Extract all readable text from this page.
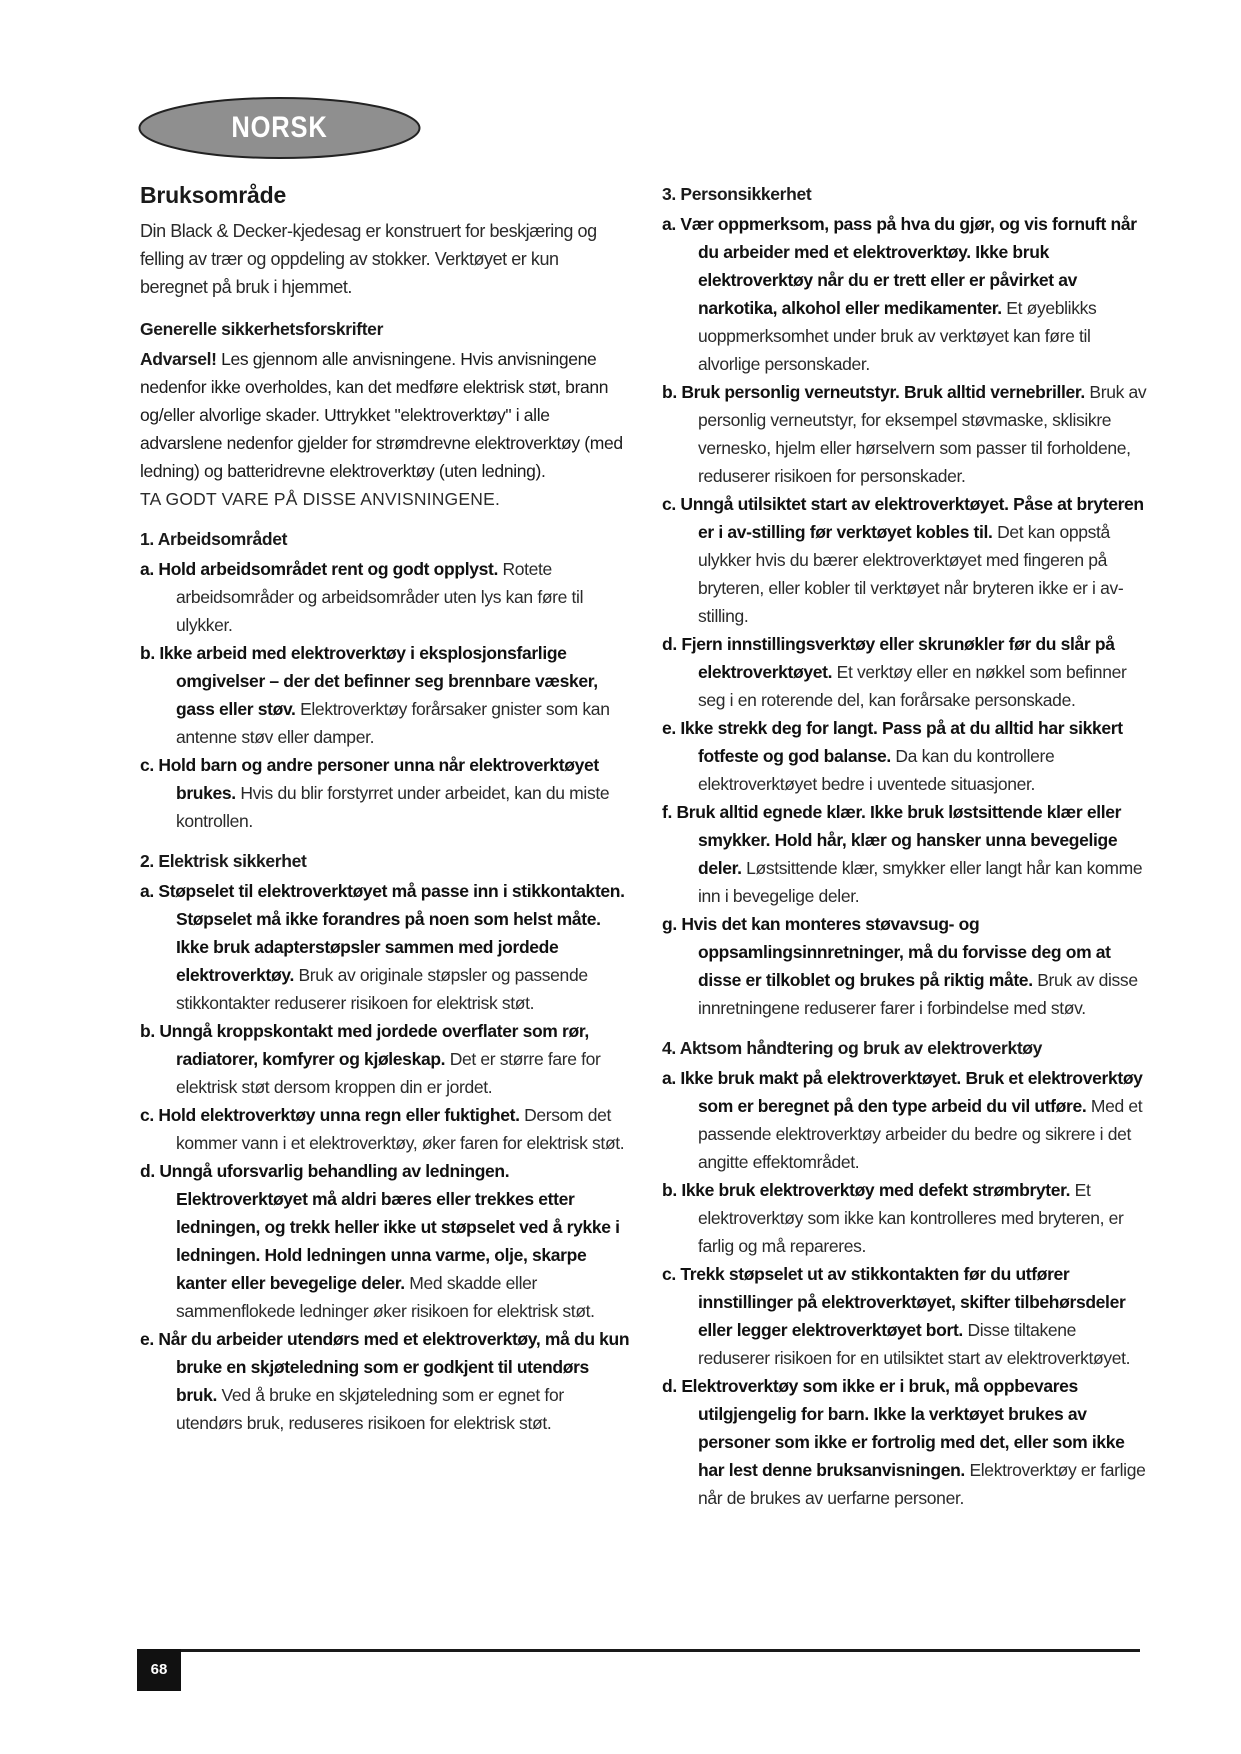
NORSK
Bruksområde

Din Black & Decker-kjedesag er konstruert for beskjæring og felling av trær og oppdeling av stokker. Verktøyet er kun beregnet på bruk i hjemmet.

Generelle sikkerhetsforskrifter

Advarsel! Les gjennom alle anvisningene. Hvis anvisningene nedenfor ikke overholdes, kan det medføre elektrisk støt, brann og/eller alvorlige skader. Uttrykket "elektroverktøy" i alle advarslene nedenfor gjelder for strømdrevne elektroverktøy (med ledning) og batteridrevne elektroverktøy (uten ledning).

TA GODT VARE PÅ DISSE ANVISNINGENE.

1. Arbeidsområdet

a. Hold arbeidsområdet rent og godt opplyst. Rotete arbeidsområder og arbeidsområder uten lys kan føre til ulykker.

b. Ikke arbeid med elektroverktøy i eksplosjonsfarlige omgivelser – der det befinner seg brennbare væsker, gass eller støv. Elektroverktøy forårsaker gnister som kan antenne støv eller damper.

c. Hold barn og andre personer unna når elektroverktøyet brukes. Hvis du blir forstyrret under arbeidet, kan du miste kontrollen.

2. Elektrisk sikkerhet

a. Støpselet til elektroverktøyet må passe inn i stikkontakten. Støpselet må ikke forandres på noen som helst måte. Ikke bruk adapterstøpsler sammen med jordede elektroverktøy. Bruk av originale støpsler og passende stikkontakter reduserer risikoen for elektrisk støt.

b. Unngå kroppskontakt med jordede overflater som rør, radiatorer, komfyrer og kjøleskap. Det er større fare for elektrisk støt dersom kroppen din er jordet.

c. Hold elektroverktøy unna regn eller fuktighet. Dersom det kommer vann i et elektroverktøy, øker faren for elektrisk støt.

d. Unngå uforsvarlig behandling av ledningen. Elektroverktøyet må aldri bæres eller trekkes etter ledningen, og trekk heller ikke ut støpselet ved å rykke i ledningen. Hold ledningen unna varme, olje, skarpe kanter eller bevegelige deler. Med skadde eller sammenflokede ledninger øker risikoen for elektrisk støt.

e. Når du arbeider utendørs med et elektroverktøy, må du kun bruke en skjøteledning som er godkjent til utendørs bruk. Ved å bruke en skjøteledning som er egnet for utendørs bruk, reduseres risikoen for elektrisk støt.

3. Personsikkerhet

a. Vær oppmerksom, pass på hva du gjør, og vis fornuft når du arbeider med et elektroverktøy. Ikke bruk elektroverktøy når du er trett eller er påvirket av narkotika, alkohol eller medikamenter. Et øyeblikks uoppmerksomhet under bruk av verktøyet kan føre til alvorlige personskader.

b. Bruk personlig verneutstyr. Bruk alltid vernebriller. Bruk av personlig verneutstyr, for eksempel støvmaske, sklisikre vernesko, hjelm eller hørselvern som passer til forholdene, reduserer risikoen for personskader.

c. Unngå utilsiktet start av elektroverktøyet. Påse at bryteren er i av-stilling før verktøyet kobles til. Det kan oppstå ulykker hvis du bærer elektroverktøyet med fingeren på bryteren, eller kobler til verktøyet når bryteren ikke er i av-stilling.

d. Fjern innstillingsverktøy eller skrunøkler før du slår på elektroverktøyet. Et verktøy eller en nøkkel som befinner seg i en roterende del, kan forårsake personskade.

e. Ikke strekk deg for langt. Pass på at du alltid har sikkert fotfeste og god balanse. Da kan du kontrollere elektroverktøyet bedre i uventede situasjoner.

f. Bruk alltid egnede klær. Ikke bruk løstsittende klær eller smykker. Hold hår, klær og hansker unna bevegelige deler. Løstsittende klær, smykker eller langt hår kan komme inn i bevegelige deler.

g. Hvis det kan monteres støvavsug- og oppsamlingsinnretninger, må du forvisse deg om at disse er tilkoblet og brukes på riktig måte. Bruk av disse innretningene reduserer farer i forbindelse med støv.

4. Aktsom håndtering og bruk av elektroverktøy

a. Ikke bruk makt på elektroverktøyet. Bruk et elektroverktøy som er beregnet på den type arbeid du vil utføre. Med et passende elektroverktøy arbeider du bedre og sikrere i det angitte effektområdet.

b. Ikke bruk elektroverktøy med defekt strømbryter. Et elektroverktøy som ikke kan kontrolleres med bryteren, er farlig og må repareres.

c. Trekk støpselet ut av stikkontakten før du utfører innstillinger på elektroverktøyet, skifter tilbehørsdeler eller legger elektroverktøyet bort. Disse tiltakene reduserer risikoen for en utilsiktet start av elektroverktøyet.

d. Elektroverktøy som ikke er i bruk, må oppbevares utilgjengelig for barn. Ikke la verktøyet brukes av personer som ikke er fortrolig med det, eller som ikke har lest denne bruksanvisningen. Elektroverktøy er farlige når de brukes av uerfarne personer.

68
